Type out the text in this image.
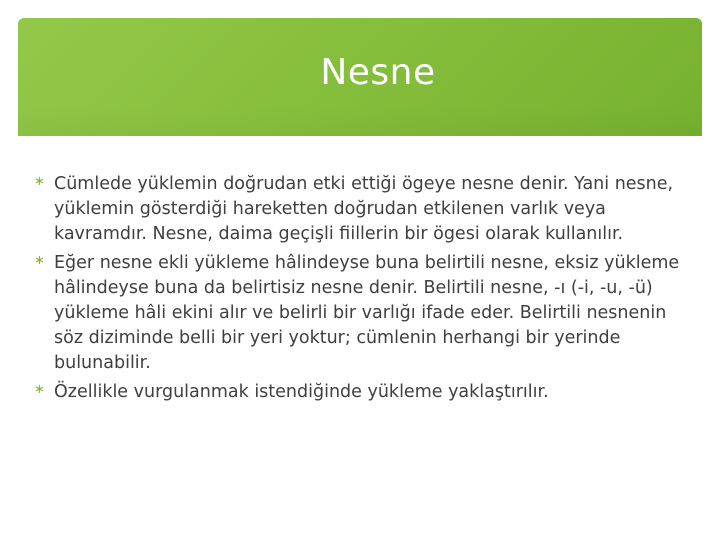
Nesne
∗ Cümlede yüklemin doğrudan etki ettiği ögeye nesne denir. Yani nesne, yüklemin gösterdiği hareketten doğrudan etkilenen varlık veya kavramdır. Nesne, daima geçişli fiillerin bir ögesi olarak kullanılır.
∗ Eğer nesne ekli yükleme hâlindeyse buna belirtili nesne, eksiz yükleme hâlindeyse buna da belirtisiz nesne denir. Belirtili nesne, -ı (-i, -u, -ü) yükleme hâli ekini alır ve belirli bir varlığı ifade eder. Belirtili nesnenin söz diziminde belli bir yeri yoktur; cümlenin herhangi bir yerinde bulunabilir.
∗ Özellikle vurgulanmak istendiğinde yükleme yaklaştırılır.
